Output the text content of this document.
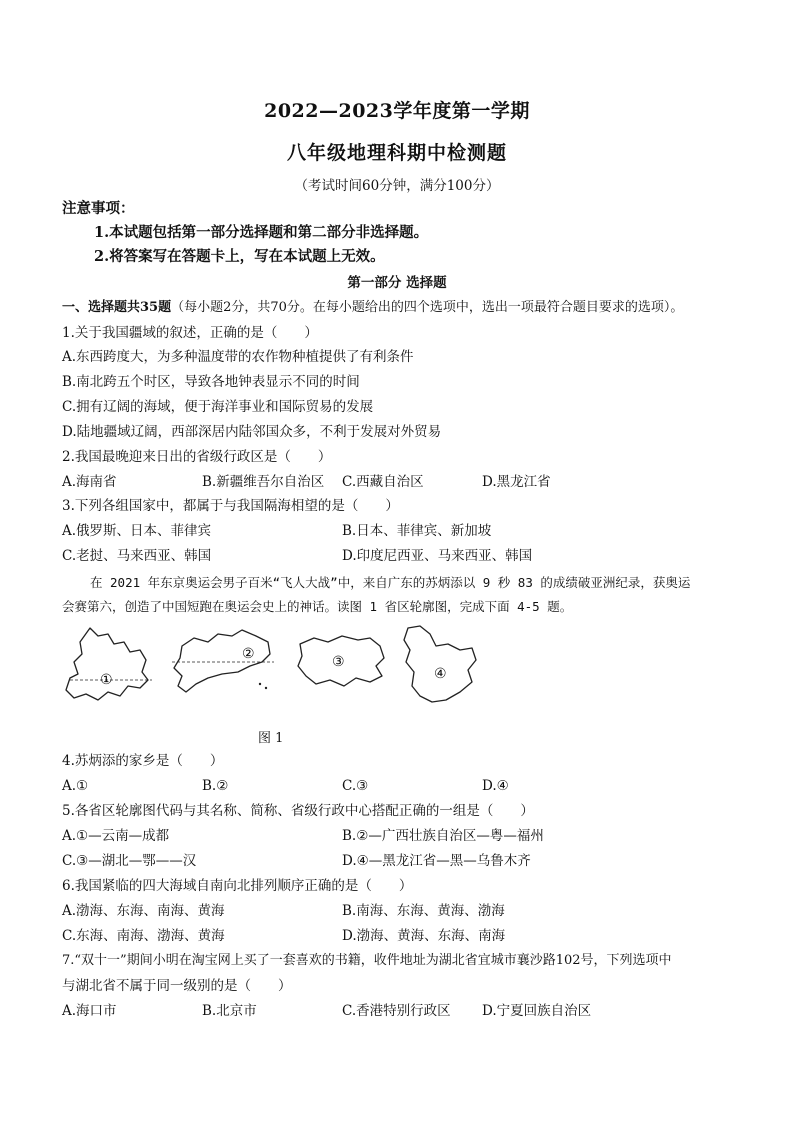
2022—2023学年度第一学期
八年级地理科期中检测题
（考试时间60分钟，满分100分）
注意事项：
1.本试题包括第一部分选择题和第二部分非选择题。
2.将答案写在答题卡上，写在本试题上无效。
第一部分 选择题
一、选择题共35题（每小题2分，共70分。在每小题给出的四个选项中，选出一项最符合题目要求的选项）。
1.关于我国疆域的叙述，正确的是（　　）
A.东西跨度大，为多种温度带的农作物种植提供了有利条件
B.南北跨五个时区，导致各地钟表显示不同的时间
C.拥有辽阔的海域，便于海洋事业和国际贸易的发展
D.陆地疆域辽阔，西部深居内陆邻国众多，不利于发展对外贸易
2.我国最晚迎来日出的省级行政区是（　　）
A.海南省	B.新疆维吾尔自治区 C.西藏自治区	D.黑龙江省
3.下列各组国家中，都属于与我国隔海相望的是（　　）
A.俄罗斯、日本、菲律宾	B.日本、菲律宾、新加坡
C.老挝、马来西亚、韩国	D.印度尼西亚、马来西亚、韩国
在 2021 年东京奥运会男子百米“飞人大战”中，来自广东的苏炳添以 9 秒 83 的成绩破亚洲纪录，获奥运
会赛第六，创造了中国短跑在奥运会史上的神话。读图 1 省区轮廓图，完成下面 4-5 题。
①
②	③
④
图 1
4.苏炳添的家乡是（　　）
A.①	B.②	C.③	D.④
5.各省区轮廓图代码与其名称、简称、省级行政中心搭配正确的一组是（　　）
A.①—云南—成都	B.②—广西壮族自治区—粤—福州
C.③—湖北—鄂——汉	D.④—黑龙江省—黑—乌鲁木齐
6.我国紧临的四大海域自南向北排列顺序正确的是（　　）
A.渤海、东海、南海、黄海	B.南海、东海、黄海、渤海
C.东海、南海、渤海、黄海	D.渤海、黄海、东海、南海
7.“双十一”期间小明在淘宝网上买了一套喜欢的书籍，收件地址为湖北省宜城市襄沙路102号，下列选项中
与湖北省不属于同一级别的是（　　）
A.海口市	B.北京市	C.香港特别行政区 D.宁夏回族自治区
